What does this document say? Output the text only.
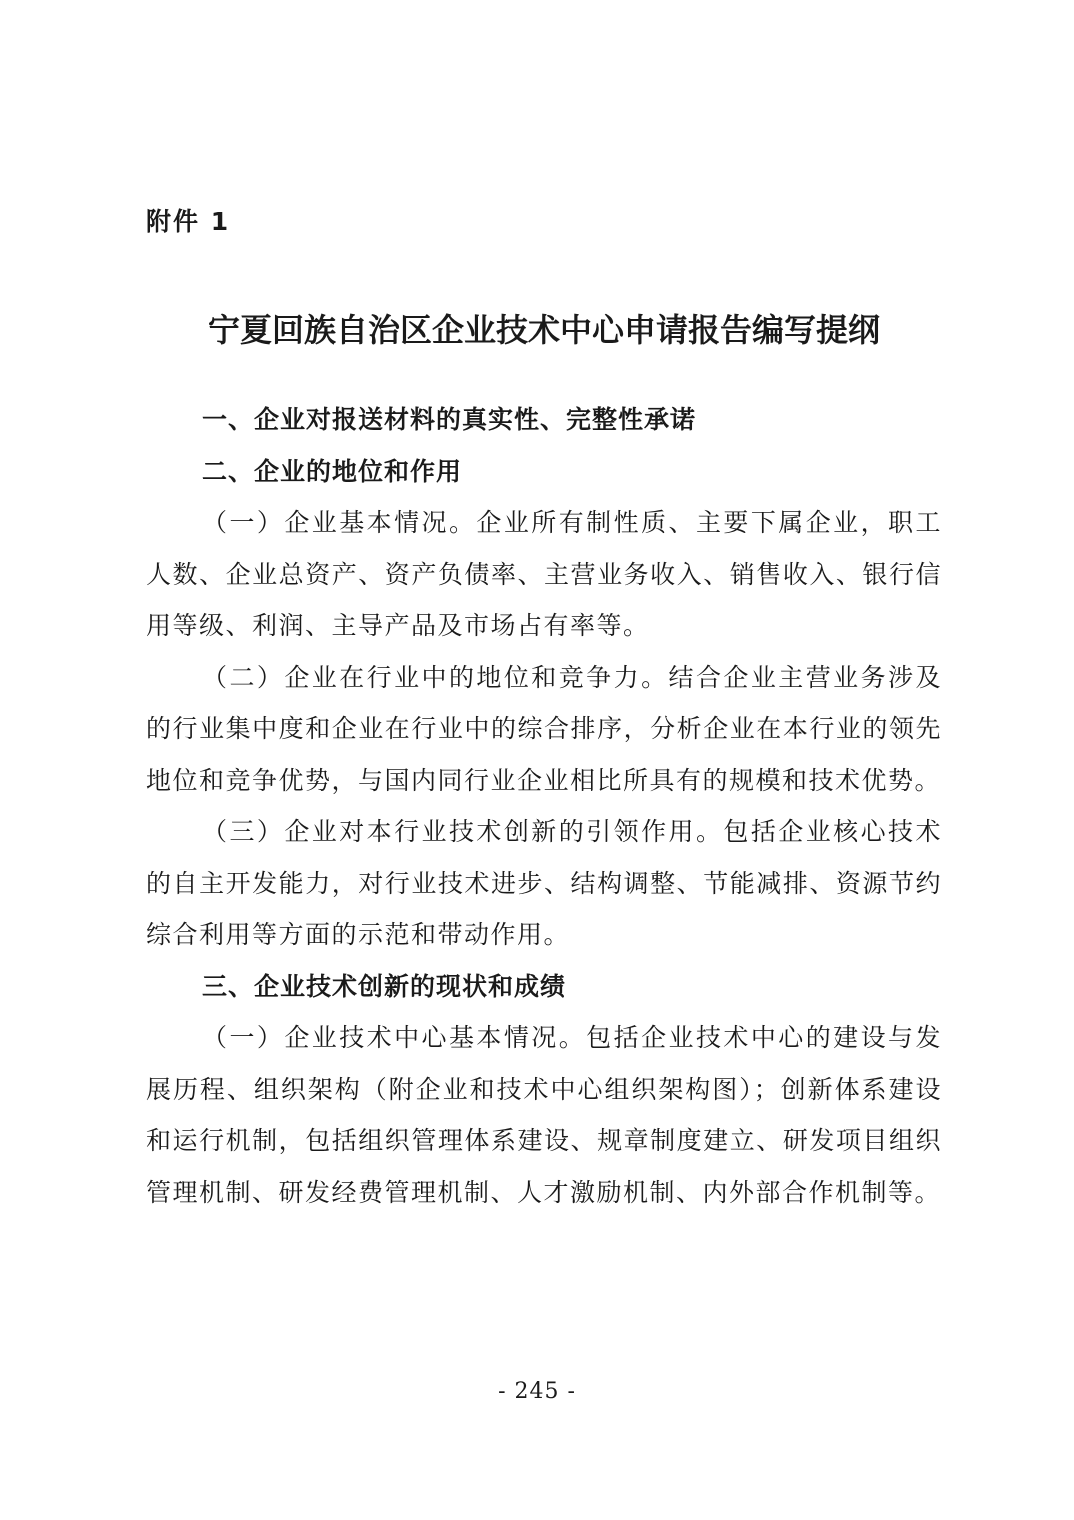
附件 1
宁夏回族自治区企业技术中心申请报告编写提纲

一、企业对报送材料的真实性、完整性承诺

二、企业的地位和作用

（一）企业基本情况。企业所有制性质、主要下属企业，职工人数、企业总资产、资产负债率、主营业务收入、销售收入、银行信用等级、利润、主导产品及市场占有率等。

（二）企业在行业中的地位和竞争力。结合企业主营业务涉及的行业集中度和企业在行业中的综合排序，分析企业在本行业的领先地位和竞争优势，与国内同行业企业相比所具有的规模和技术优势。

（三）企业对本行业技术创新的引领作用。包括企业核心技术的自主开发能力，对行业技术进步、结构调整、节能减排、资源节约综合利用等方面的示范和带动作用。

三、企业技术创新的现状和成绩

（一）企业技术中心基本情况。包括企业技术中心的建设与发展历程、组织架构（附企业和技术中心组织架构图）；创新体系建设和运行机制，包括组织管理体系建设、规章制度建立、研发项目组织管理机制、研发经费管理机制、人才激励机制、内外部合作机制等。

- 245 -
